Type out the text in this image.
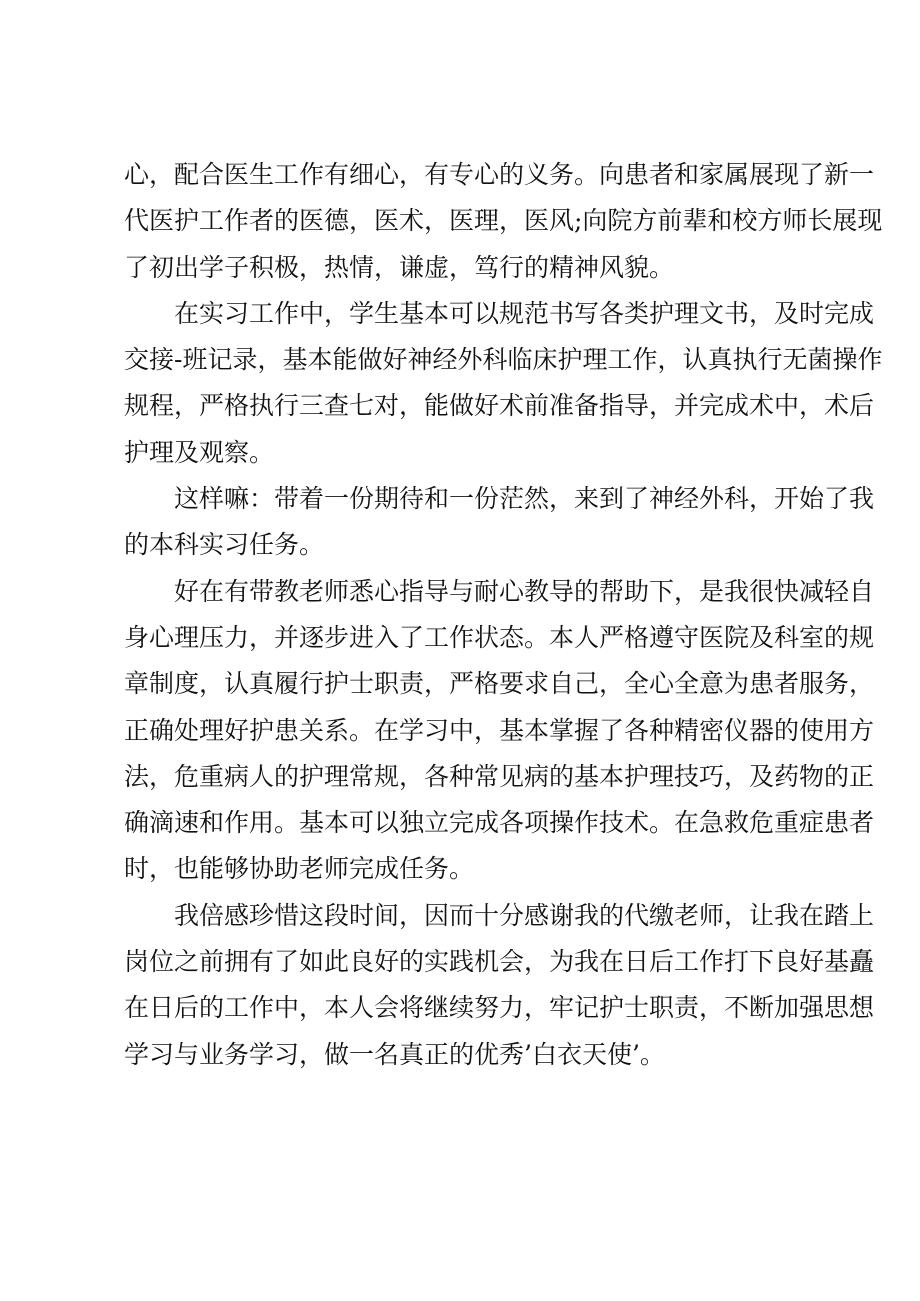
心，配合医生工作有细心，有专心的义务。向患者和家属展现了新一
代医护工作者的医德，医术，医理，医风;向院方前辈和校方师长展现
了初出学子积极，热情，谦虚，笃行的精神风貌。
在实习工作中，学生基本可以规范书写各类护理文书，及时完成
交接-班记录，基本能做好神经外科临床护理工作，认真执行无菌操作
规程，严格执行三查七对，能做好术前准备指导，并完成术中，术后
护理及观察。
这样嘛：带着一份期待和一份茫然，来到了神经外科，开始了我
的本科实习任务。
好在有带教老师悉心指导与耐心教导的帮助下，是我很快减轻自
身心理压力，并逐步进入了工作状态。本人严格遵守医院及科室的规
章制度，认真履行护士职责，严格要求自己，全心全意为患者服务，
正确处理好护患关系。在学习中，基本掌握了各种精密仪器的使用方
法，危重病人的护理常规，各种常见病的基本护理技巧，及药物的正
确滴速和作用。基本可以独立完成各项操作技术。在急救危重症患者
时，也能够协助老师完成任务。
我倍感珍惜这段时间，因而十分感谢我的代缴老师，让我在踏上
岗位之前拥有了如此良好的实践机会，为我在日后工作打下良好基矗
在日后的工作中，本人会将继续努力，牢记护士职责，不断加强思想
学习与业务学习，做一名真正的优秀’白衣天使’。
